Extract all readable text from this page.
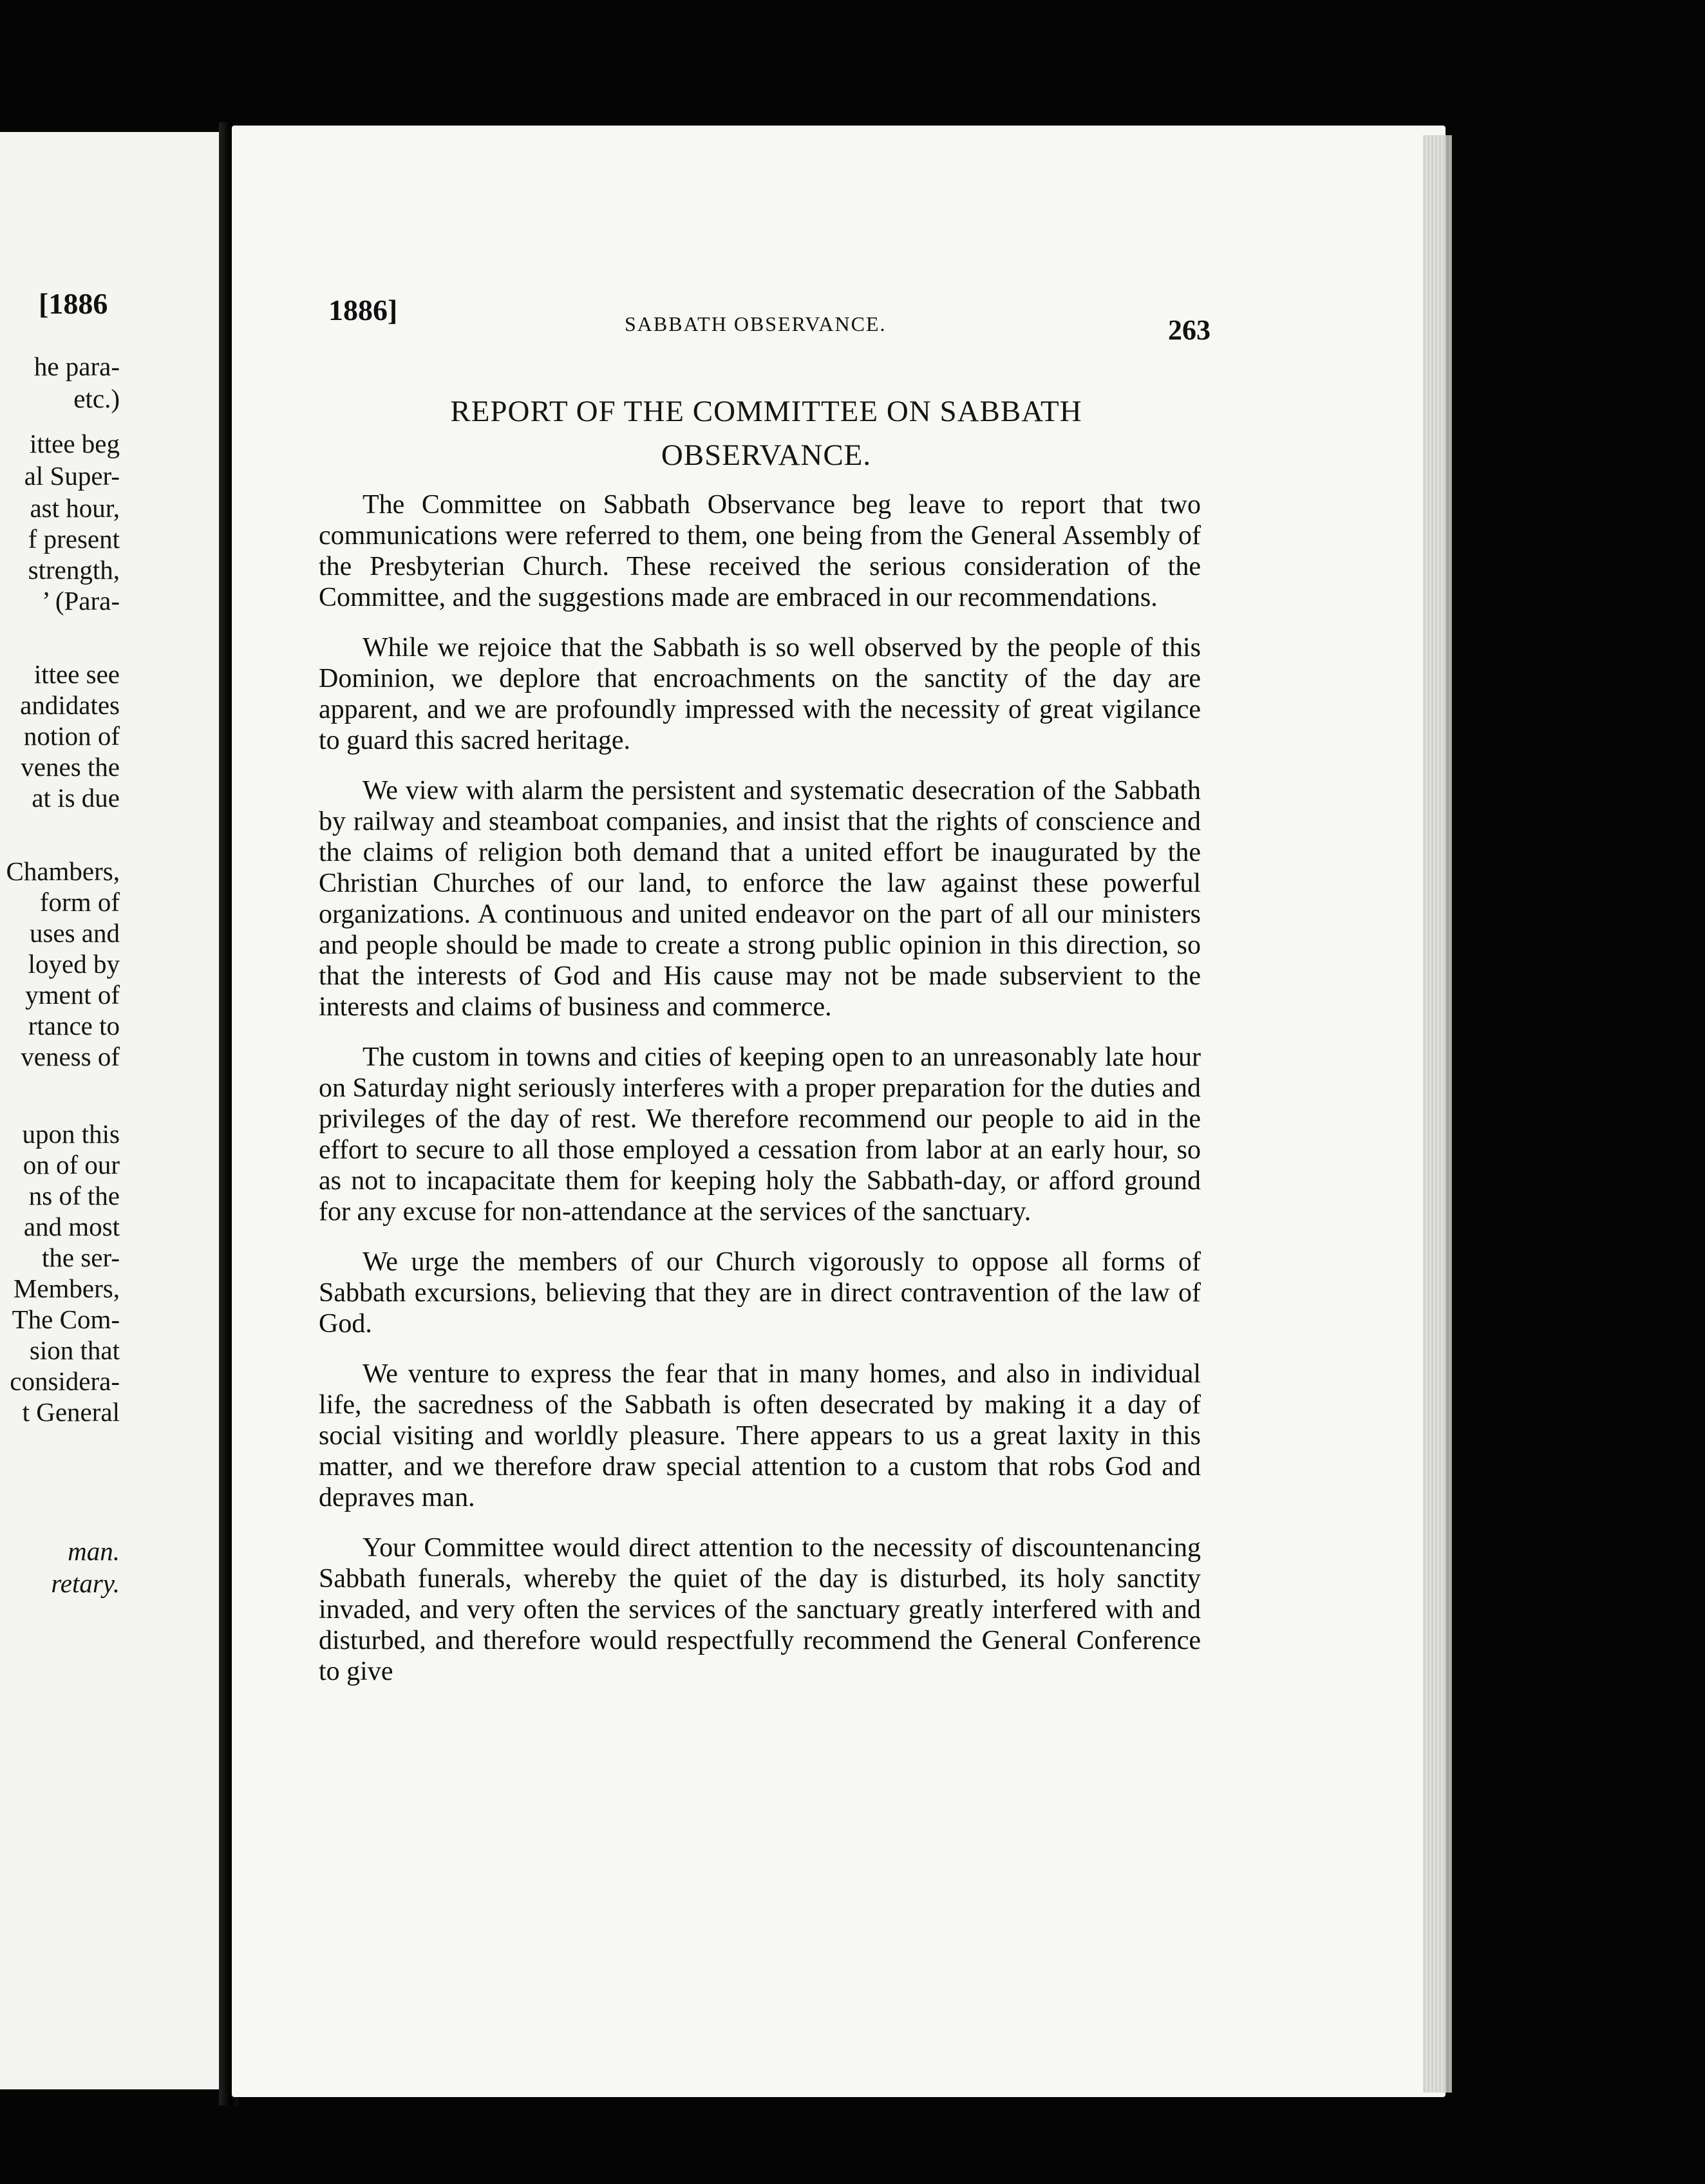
[1886
he para-
etc.)
ittee beg
al Super-
ast hour,
f present
strength,
’ (Para-
ittee see
andidates
notion of
venes the
at is due
Chambers,
form of
uses and
loyed by
yment of
rtance to
veness of
upon this
on of our
ns of the
and most
the ser-
Members,
The Com-
sion that
considera-
t General
man.
retary.
1886]	SABBATH OBSERVANCE.	263
REPORT OF THE COMMITTEE ON SABBATH
OBSERVANCE.

The Committee on Sabbath Observance beg leave to report that two communications were referred to them, one being from the General Assembly of the Presbyterian Church. These received the serious consideration of the Committee, and the suggestions made are embraced in our recommendations.

While we rejoice that the Sabbath is so well observed by the people of this Dominion, we deplore that encroachments on the sanctity of the day are apparent, and we are profoundly impressed with the necessity of great vigilance to guard this sacred heritage.

We view with alarm the persistent and systematic desecration of the Sabbath by railway and steamboat companies, and insist that the rights of conscience and the claims of religion both demand that a united effort be inaugurated by the Christian Churches of our land, to enforce the law against these powerful organizations. A continuous and united endeavor on the part of all our ministers and people should be made to create a strong public opinion in this direction, so that the interests of God and His cause may not be made subservient to the interests and claims of business and commerce.

The custom in towns and cities of keeping open to an unreasonably late hour on Saturday night seriously interferes with a proper preparation for the duties and privileges of the day of rest. We therefore recommend our people to aid in the effort to secure to all those employed a cessation from labor at an early hour, so as not to incapacitate them for keeping holy the Sabbath-day, or afford ground for any excuse for non-attendance at the services of the sanctuary.

We urge the members of our Church vigorously to oppose all forms of Sabbath excursions, believing that they are in direct contravention of the law of God.

We venture to express the fear that in many homes, and also in individual life, the sacredness of the Sabbath is often desecrated by making it a day of social visiting and worldly pleasure. There appears to us a great laxity in this matter, and we therefore draw special attention to a custom that robs God and depraves man.

Your Committee would direct attention to the necessity of discountenancing Sabbath funerals, whereby the quiet of the day is disturbed, its holy sanctity invaded, and very often the services of the sanctuary greatly interfered with and disturbed, and therefore would respectfully recommend the General Conference to give
